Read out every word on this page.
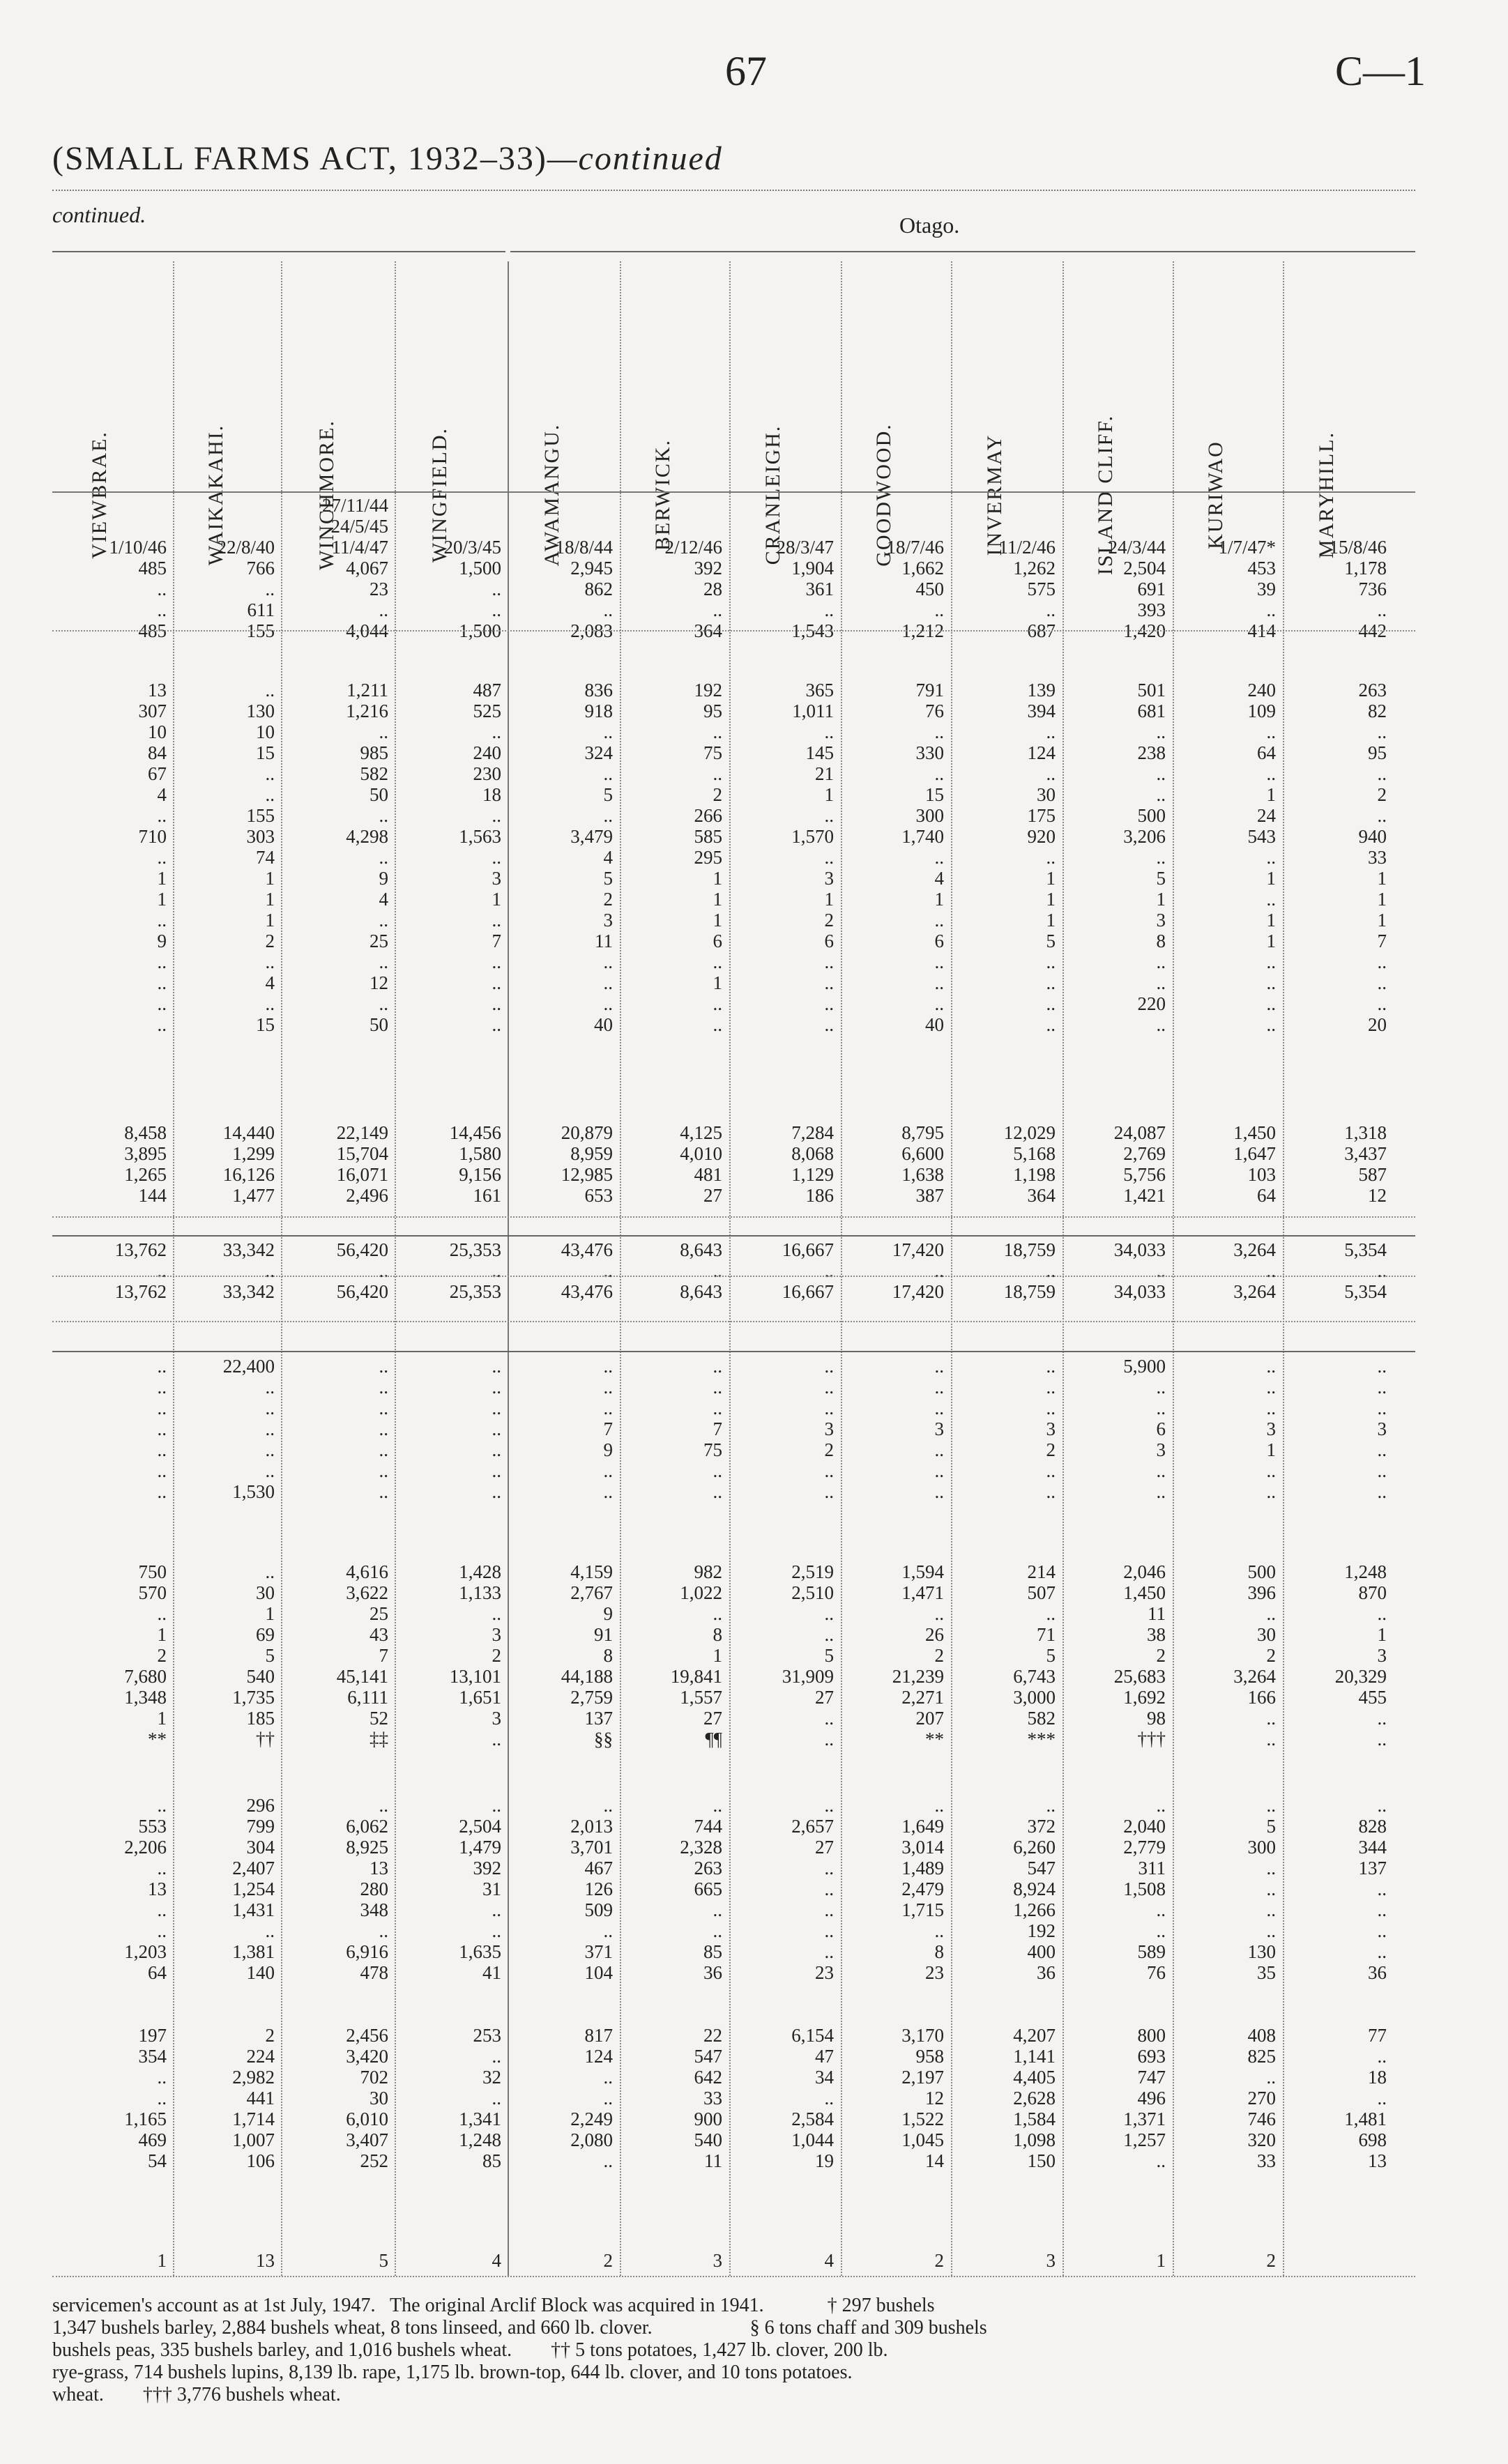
67	C—1
(SMALL FARMS ACT, 1932–33)—continued
continued.	Otago.
VIEWBRAE.	WAIKAKAHI.	WINCHMORE.	WINGFIELD.	AWAMANGU.	BERWICK.	CRANLEIGH.	GOODWOOD.	INVERMAY	ISLAND CLIFF.	KURIWAO	MARYHILL.
27/11/44
24/5/45
1/10/46	22/8/40	11/4/47	20/3/45	18/8/44	2/12/46	28/3/47	18/7/46	11/2/46	24/3/44	1/7/47*	15/8/46
485	766	4,067	1,500	2,945	392	1,904	1,662	1,262	2,504	453	1,178
..	..	23	..	862	28	361	450	575	691	39	736
..	611	..	..	..	..	..	..	..	393	..	..
485	155	4,044	1,500	2,083	364	1,543	1,212	687	1,420	414	442
13	..	1,211	487	836	192	365	791	139	501	240	263
307	130	1,216	525	918	95	1,011	76	394	681	109	82
10	10	..	..	..	..	..	..	..	..	..	..
84	15	985	240	324	75	145	330	124	238	64	95
67	..	582	230	..	..	21	..	..	..	..	..
4	..	50	18	5	2	1	15	30	..	1	2
..	155	..	..	..	266	..	300	175	500	24	..
710	303	4,298	1,563	3,479	585	1,570	1,740	920	3,206	543	940
..	74	..	..	4	295	..	..	..	..	..	33
1	1	9	3	5	1	3	4	1	5	1	1
1	1	4	1	2	1	1	1	1	1	..	1
..	1	..	..	3	1	2	..	1	3	1	1
9	2	25	7	11	6	6	6	5	8	1	7
..	..	..	..	..	..	..	..	..	..	..	..
..	4	12	..	..	1	..	..	..	..	..	..
..	..	..	..	..	..	..	..	..	220	..	..
..	15	50	..	40	..	..	40	..	..	..	20
8,458	14,440	22,149	14,456	20,879	4,125	7,284	8,795	12,029	24,087	1,450	1,318
3,895	1,299	15,704	1,580	8,959	4,010	8,068	6,600	5,168	2,769	1,647	3,437
1,265	16,126	16,071	9,156	12,985	481	1,129	1,638	1,198	5,756	103	587
144	1,477	2,496	161	653	27	186	387	364	1,421	64	12
13,762	33,342	56,420	25,353	43,476	8,643	16,667	17,420	18,759	34,033	3,264	5,354
..	..	..	..	..	..	..	..	..	..	..	..
13,762	33,342	56,420	25,353	43,476	8,643	16,667	17,420	18,759	34,033	3,264	5,354
..	22,400	..	..	..	..	..	..	..	5,900	..	..
..	..	..	..	..	..	..	..	..	..	..	..
..	..	..	..	..	..	..	..	..	..	..	..
..	..	..	..	7	7	3	3	3	6	3	3
..	..	..	..	9	75	2	..	2	3	1	..
..	..	..	..	..	..	..	..	..	..	..	..
..	1,530	..	..	..	..	..	..	..	..	..	..
750	..	4,616	1,428	4,159	982	2,519	1,594	214	2,046	500	1,248
570	30	3,622	1,133	2,767	1,022	2,510	1,471	507	1,450	396	870
..	1	25	..	9	..	..	..	..	11	..	..
1	69	43	3	91	8	..	26	71	38	30	1
2	5	7	2	8	1	5	2	5	2	2	3
7,680	540	45,141	13,101	44,188	19,841	31,909	21,239	6,743	25,683	3,264	20,329
1,348	1,735	6,111	1,651	2,759	1,557	27	2,271	3,000	1,692	166	455
1	185	52	3	137	27	..	207	582	98	..	..
**	††	‡‡	..	§§	¶¶	..	**	***	†††	..	..
..	296	..	..	..	..	..	..	..	..	..	..
553	799	6,062	2,504	2,013	744	2,657	1,649	372	2,040	5	828
2,206	304	8,925	1,479	3,701	2,328	27	3,014	6,260	2,779	300	344
..	2,407	13	392	467	263	..	1,489	547	311	..	137
13	1,254	280	31	126	665	..	2,479	8,924	1,508	..	..
..	1,431	348	..	509	..	..	1,715	1,266	..	..	..
..	..	..	..	..	..	..	..	192	..	..	..
1,203	1,381	6,916	1,635	371	85	..	8	400	589	130	..
64	140	478	41	104	36	23	23	36	76	35	36
197	2	2,456	253	817	22	6,154	3,170	4,207	800	408	77
354	224	3,420	..	124	547	47	958	1,141	693	825	..
..	2,982	702	32	..	642	34	2,197	4,405	747	..	18
..	441	30	..	..	33	..	12	2,628	496	270	..
1,165	1,714	6,010	1,341	2,249	900	2,584	1,522	1,584	1,371	746	1,481
469	1,007	3,407	1,248	2,080	540	1,044	1,045	1,098	1,257	320	698
54	106	252	85	..	11	19	14	150	..	33	13
1	13	5	4	2	3	4	2	3	1	2
servicemen's account as at 1st July, 1947.   The original Arclif Block was acquired in 1941.             † 297 bushels
1,347 bushels barley, 2,884 bushels wheat, 8 tons linseed, and 660 lb. clover.                    § 6 tons chaff and 309 bushels
bushels peas, 335 bushels barley, and 1,016 bushels wheat.        †† 5 tons potatoes, 1,427 lb. clover, 200 lb.
rye-grass, 714 bushels lupins, 8,139 lb. rape, 1,175 lb. brown-top, 644 lb. clover, and 10 tons potatoes.
wheat.        ††† 3,776 bushels wheat.
